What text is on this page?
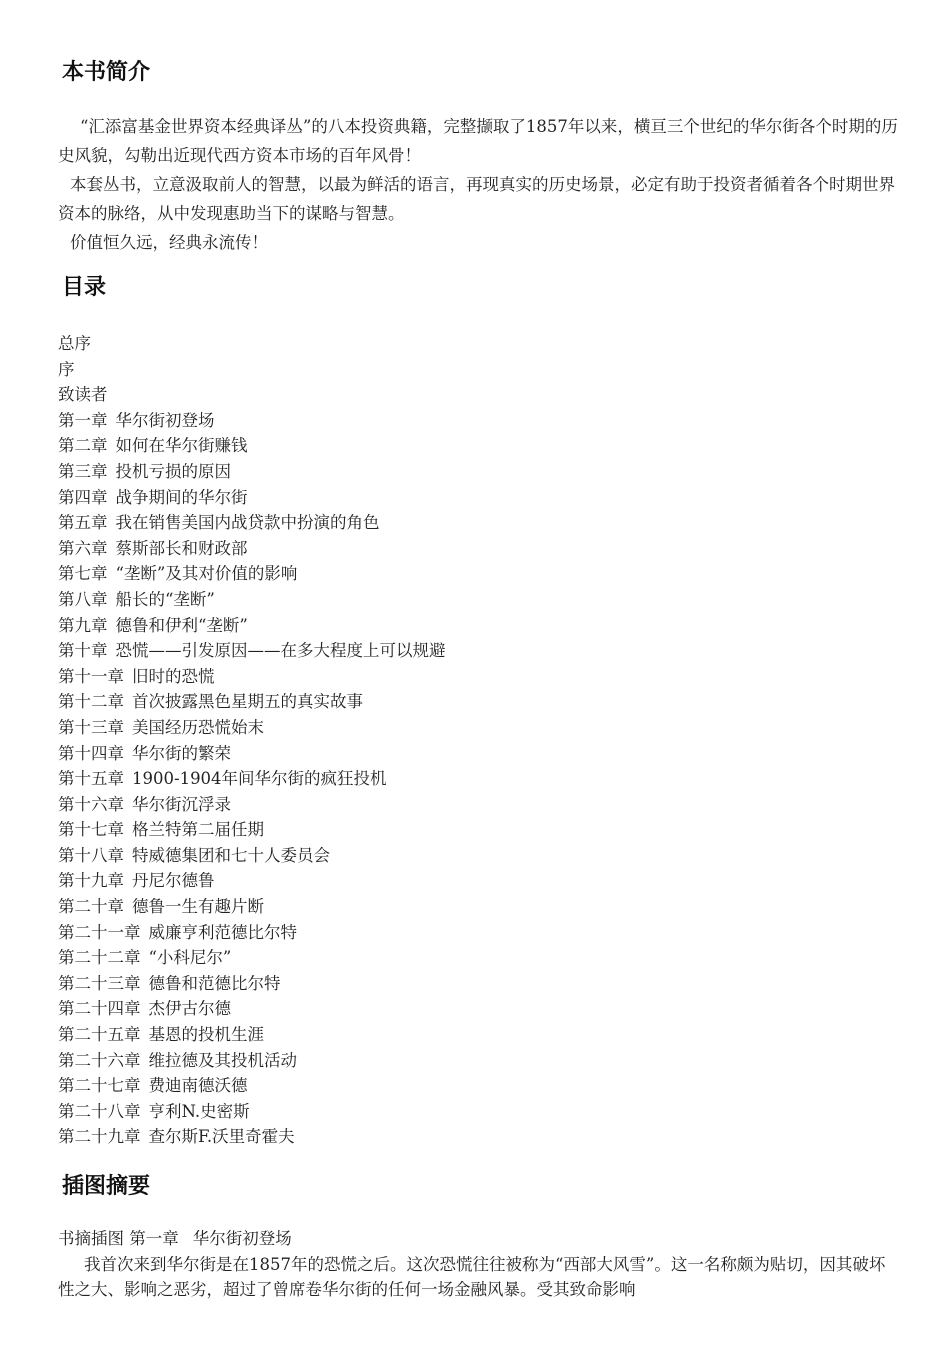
本书简介

“汇添富基金世界资本经典译丛”的八本投资典籍，完整撷取了1857年以来，横亘三个世纪的华尔街各个时期的历史风貌，勾勒出近现代西方资本市场的百年风骨！

本套丛书，立意汲取前人的智慧，以最为鲜活的语言，再现真实的历史场景，必定有助于投资者循着各个时期世界资本的脉络，从中发现惠助当下的谋略与智慧。

价值恒久远，经典永流传！

目录
总序
序
致读者
第一章 华尔街初登场
第二章 如何在华尔街赚钱
第三章 投机亏损的原因
第四章 战争期间的华尔街
第五章 我在销售美国内战贷款中扮演的角色
第六章 蔡斯部长和财政部
第七章 “垄断”及其对价值的影响
第八章 船长的“垄断”
第九章 德鲁和伊利“垄断”
第十章 恐慌——引发原因——在多大程度上可以规避
第十一章 旧时的恐慌
第十二章 首次披露黑色星期五的真实故事
第十三章 美国经历恐慌始末
第十四章 华尔街的繁荣
第十五章 1900-1904年间华尔街的疯狂投机
第十六章 华尔街沉浮录
第十七章 格兰特第二届任期
第十八章 特威德集团和七十人委员会
第十九章 丹尼尔德鲁
第二十章 德鲁一生有趣片断
第二十一章 威廉亨利范德比尔特
第二十二章 “小科尼尔”
第二十三章 德鲁和范德比尔特
第二十四章 杰伊古尔德
第二十五章 基恩的投机生涯
第二十六章 维拉德及其投机活动
第二十七章 费迪南德沃德
第二十八章 亨利N.史密斯
第二十九章 查尔斯F.沃里奇霍夫
插图摘要

书摘插图 第一章 华尔街初登场

我首次来到华尔街是在1857年的恐慌之后。这次恐慌往往被称为“西部大风雪”。这一名称颇为贴切，因其破坏性之大、影响之恶劣，超过了曾席卷华尔街的任何一场金融风暴。受其致命影响
